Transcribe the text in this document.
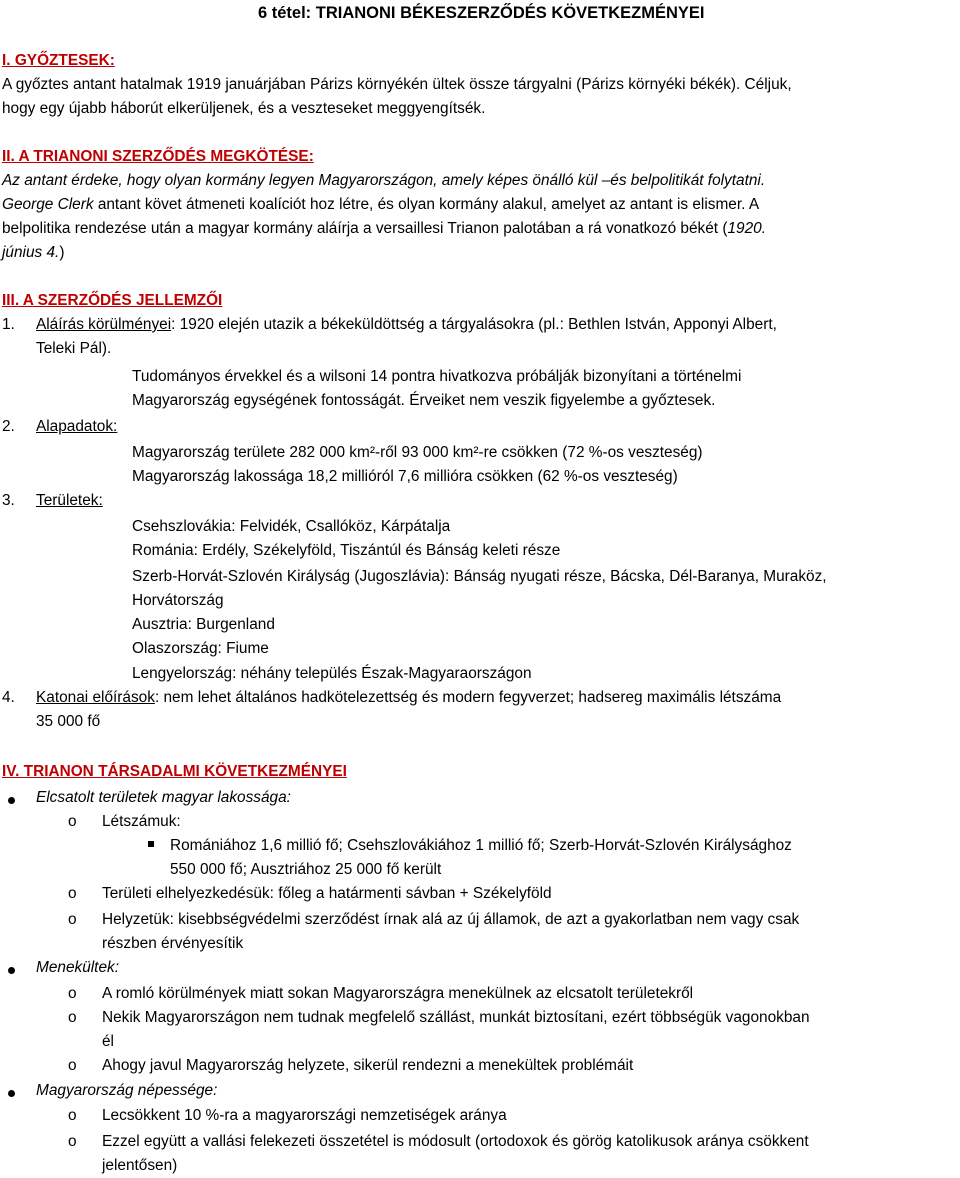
6 tétel: TRIANONI BÉKESZERZŐDÉS KÖVETKEZMÉNYEI
I. GYŐZTESEK:
A győztes antant hatalmak 1919 januárjában Párizs környékén ültek össze tárgyalni (Párizs környéki békék). Céljuk,
hogy egy újabb háborút elkerüljenek, és a veszteseket meggyengítsék.
II. A TRIANONI SZERZŐDÉS MEGKÖTÉSE:
Az antant érdeke, hogy olyan kormány legyen Magyarországon, amely képes önálló kül –és belpolitikát folytatni.
George Clerk antant követ átmeneti koalíciót hoz létre, és olyan kormány alakul, amelyet az antant is elismer. A
belpolitika rendezése után a magyar kormány aláírja a versaillesi Trianon palotában a rá vonatkozó békét (1920.
június 4.)
III. A SZERZŐDÉS JELLEMZŐI
1. Aláírás körülményei: 1920 elején utazik a békeküldöttség a tárgyalásokra (pl.: Bethlen István, Apponyi Albert,
Teleki Pál).
Tudományos érvekkel és a wilsoni 14 pontra hivatkozva próbálják bizonyítani a történelmi
Magyarország egységének fontosságát. Érveiket nem veszik figyelembe a győztesek.
2. Alapadatok:
Magyarország területe 282 000 km²-ről 93 000 km²-re csökken (72 %-os veszteség)
Magyarország lakossága 18,2 millióról 7,6 millióra csökken (62 %-os veszteség)
3. Területek:
Csehszlovákia: Felvidék, Csallóköz, Kárpátalja
Románia: Erdély, Székelyföld, Tiszántúl és Bánság keleti része
Szerb-Horvát-Szlovén Királyság (Jugoszlávia): Bánság nyugati része, Bácska, Dél-Baranya, Muraköz,
Horvátország
Ausztria: Burgenland
Olaszország: Fiume
Lengyelország: néhány település Észak-Magyaraországon
4. Katonai előírások: nem lehet általános hadkötelezettség és modern fegyverzet; hadsereg maximális létszáma
35 000 fő
IV. TRIANON TÁRSADALMI KÖVETKEZMÉNYEI
Elcsatolt területek magyar lakossága:
o Létszámuk:
Romániához 1,6 millió fő; Csehszlovákiához 1 millió fő; Szerb-Horvát-Szlovén Királysághoz
550 000 fő; Ausztriához 25 000 fő került
o Területi elhelyezkedésük: főleg a határmenti sávban + Székelyföld
o Helyzetük: kisebbségvédelmi szerződést írnak alá az új államok, de azt a gyakorlatban nem vagy csak
részben érvényesítik
Menekültek:
o A romló körülmények miatt sokan Magyarországra menekülnek az elcsatolt területekről
o Nekik Magyarországon nem tudnak megfelelő szállást, munkát biztosítani, ezért többségük vagonokban
él
o Ahogy javul Magyarország helyzete, sikerül rendezni a menekültek problémáit
Magyarország népessége:
o Lecsökkent 10 %-ra a magyarországi nemzetiségek aránya
o Ezzel együtt a vallási felekezeti összetétel is módosult (ortodoxok és görög katolikusok aránya csökkent
jelentősen)
